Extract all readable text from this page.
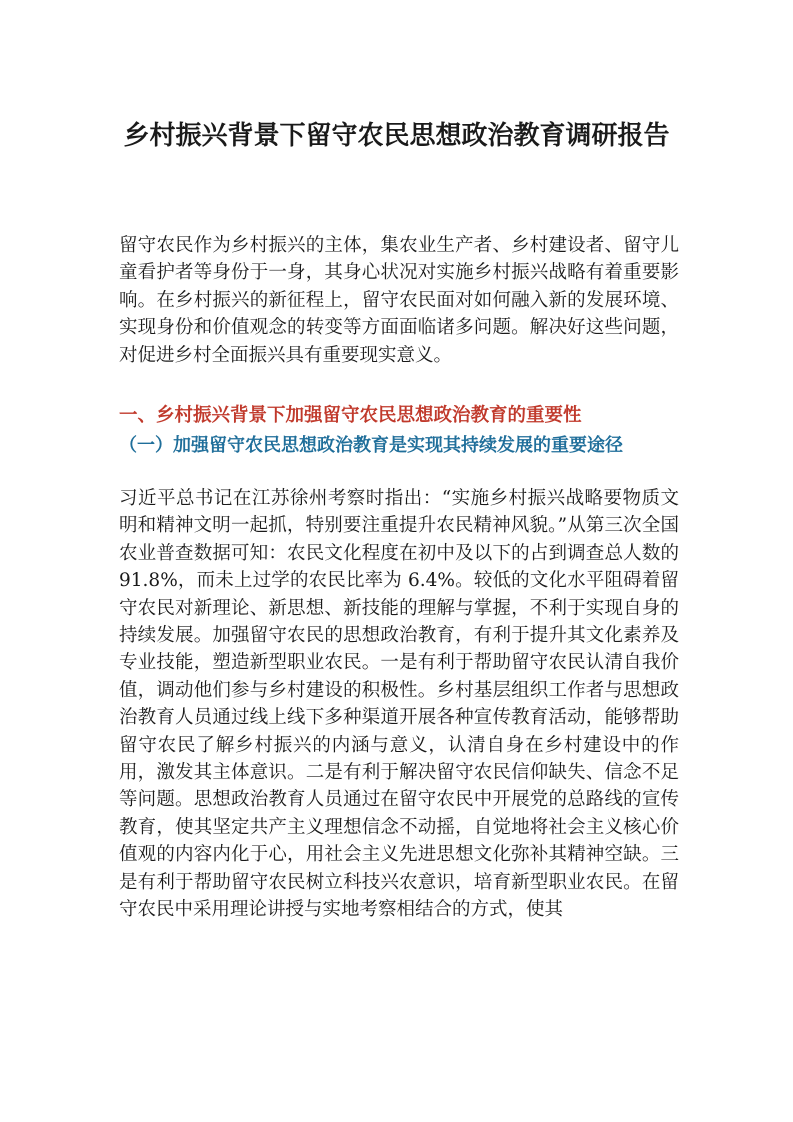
乡村振兴背景下留守农民思想政治教育调研报告

留守农民作为乡村振兴的主体，集农业生产者、乡村建设者、留守儿童看护者等身份于一身，其身心状况对实施乡村振兴战略有着重要影响。在乡村振兴的新征程上，留守农民面对如何融入新的发展环境、实现身份和价值观念的转变等方面面临诸多问题。解决好这些问题，对促进乡村全面振兴具有重要现实意义。

一、乡村振兴背景下加强留守农民思想政治教育的重要性
（一）加强留守农民思想政治教育是实现其持续发展的重要途径

习近平总书记在江苏徐州考察时指出：“实施乡村振兴战略要物质文明和精神文明一起抓，特别要注重提升农民精神风貌。”从第三次全国农业普查数据可知：农民文化程度在初中及以下的占到调查总人数的 91.8%，而未上过学的农民比率为 6.4%。较低的文化水平阻碍着留守农民对新理论、新思想、新技能的理解与掌握，不利于实现自身的持续发展。加强留守农民的思想政治教育，有利于提升其文化素养及专业技能，塑造新型职业农民。一是有利于帮助留守农民认清自我价值，调动他们参与乡村建设的积极性。乡村基层组织工作者与思想政治教育人员通过线上线下多种渠道开展各种宣传教育活动，能够帮助留守农民了解乡村振兴的内涵与意义，认清自身在乡村建设中的作用，激发其主体意识。二是有利于解决留守农民信仰缺失、信念不足等问题。思想政治教育人员通过在留守农民中开展党的总路线的宣传教育，使其坚定共产主义理想信念不动摇，自觉地将社会主义核心价值观的内容内化于心，用社会主义先进思想文化弥补其精神空缺。三是有利于帮助留守农民树立科技兴农意识，培育新型职业农民。在留守农民中采用理论讲授与实地考察相结合的方式，使其
